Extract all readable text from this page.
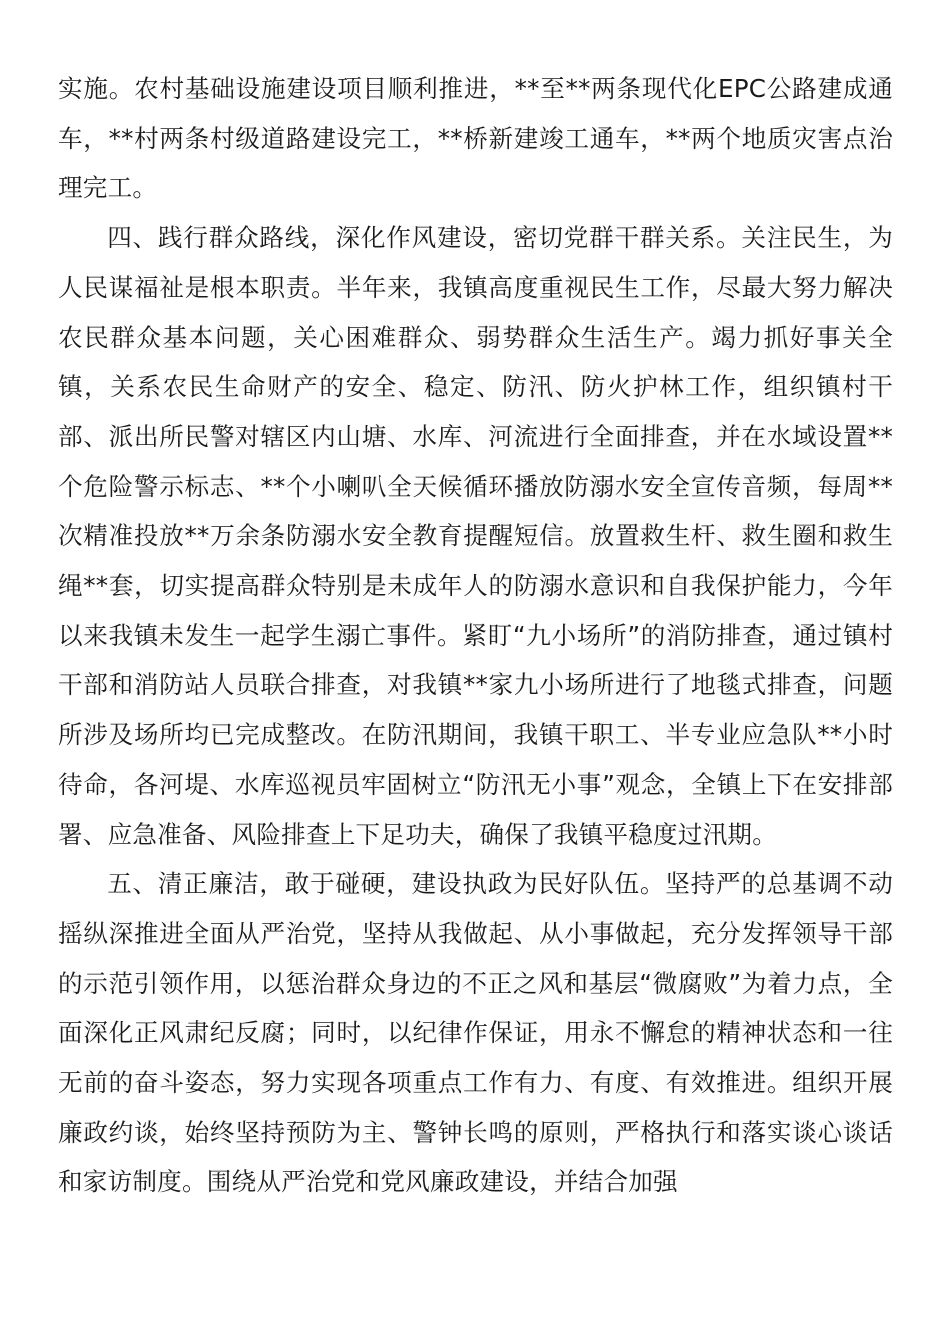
实施。农村基础设施建设项目顺利推进，**至**两条现代化EPC公路建成通车，**村两条村级道路建设完工，**桥新建竣工通车，**两个地质灾害点治理完工。

四、践行群众路线，深化作风建设，密切党群干群关系。关注民生，为人民谋福祉是根本职责。半年来，我镇高度重视民生工作，尽最大努力解决农民群众基本问题，关心困难群众、弱势群众生活生产。竭力抓好事关全镇，关系农民生命财产的安全、稳定、防汛、防火护林工作，组织镇村干部、派出所民警对辖区内山塘、水库、河流进行全面排查，并在水域设置**个危险警示标志、**个小喇叭全天候循环播放防溺水安全宣传音频，每周**次精准投放**万余条防溺水安全教育提醒短信。放置救生杆、救生圈和救生绳**套，切实提高群众特别是未成年人的防溺水意识和自我保护能力，今年以来我镇未发生一起学生溺亡事件。紧盯“九小场所”的消防排查，通过镇村干部和消防站人员联合排查，对我镇**家九小场所进行了地毯式排查，问题所涉及场所均已完成整改。在防汛期间，我镇干职工、半专业应急队**小时待命，各河堤、水库巡视员牢固树立“防汛无小事”观念，全镇上下在安排部署、应急准备、风险排查上下足功夫，确保了我镇平稳度过汛期。

五、清正廉洁，敢于碰硬，建设执政为民好队伍。坚持严的总基调不动摇纵深推进全面从严治党，坚持从我做起、从小事做起，充分发挥领导干部的示范引领作用，以惩治群众身边的不正之风和基层“微腐败”为着力点，全面深化正风肃纪反腐；同时，以纪律作保证，用永不懈怠的精神状态和一往无前的奋斗姿态，努力实现各项重点工作有力、有度、有效推进。组织开展廉政约谈，始终坚持预防为主、警钟长鸣的原则，严格执行和落实谈心谈话和家访制度。围绕从严治党和党风廉政建设，并结合加强
